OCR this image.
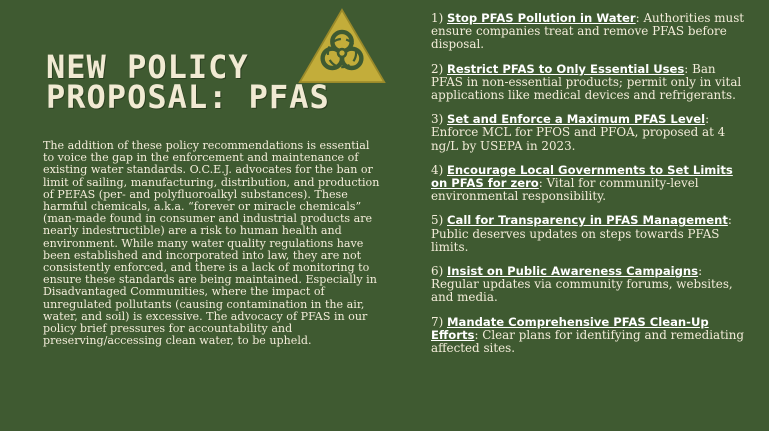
NEW POLICY
PROPOSAL: PFAS

The addition of these policy recommendations is essential to voice the gap in the enforcement and maintenance of existing water standards. O.C.E.J. advocates for the ban or limit of sailing, manufacturing, distribution, and production of PEFAS (per- and polyfluoroalkyl substances). These harmful chemicals, a.k.a. “forever or miracle chemicals” (man-made found in consumer and industrial products are nearly indestructible) are a risk to human health and environment. While many water quality regulations have been established and incorporated into law, they are not consistently enforced, and there is a lack of monitoring to ensure these standards are being maintained. Especially in Disadvantaged Communities, where the impact of unregulated pollutants (causing contamination in the air, water, and soil) is excessive. The advocacy of PFAS in our policy brief pressures for accountability and preserving/accessing clean water, to be upheld.

1) Stop PFAS Pollution in Water: Authorities must ensure companies treat and remove PFAS before disposal.
2) Restrict PFAS to Only Essential Uses: Ban PFAS in non-essential products; permit only in vital applications like medical devices and refrigerants.
3) Set and Enforce a Maximum PFAS Level: Enforce MCL for PFOS and PFOA, proposed at 4 ng/L by USEPA in 2023.
4) Encourage Local Governments to Set Limits on PFAS for zero: Vital for community-level environmental responsibility.
5) Call for Transparency in PFAS Management: Public deserves updates on steps towards PFAS limits.
6) Insist on Public Awareness Campaigns: Regular updates via community forums, websites, and media.
7) Mandate Comprehensive PFAS Clean-Up Efforts: Clear plans for identifying and remediating affected sites.
